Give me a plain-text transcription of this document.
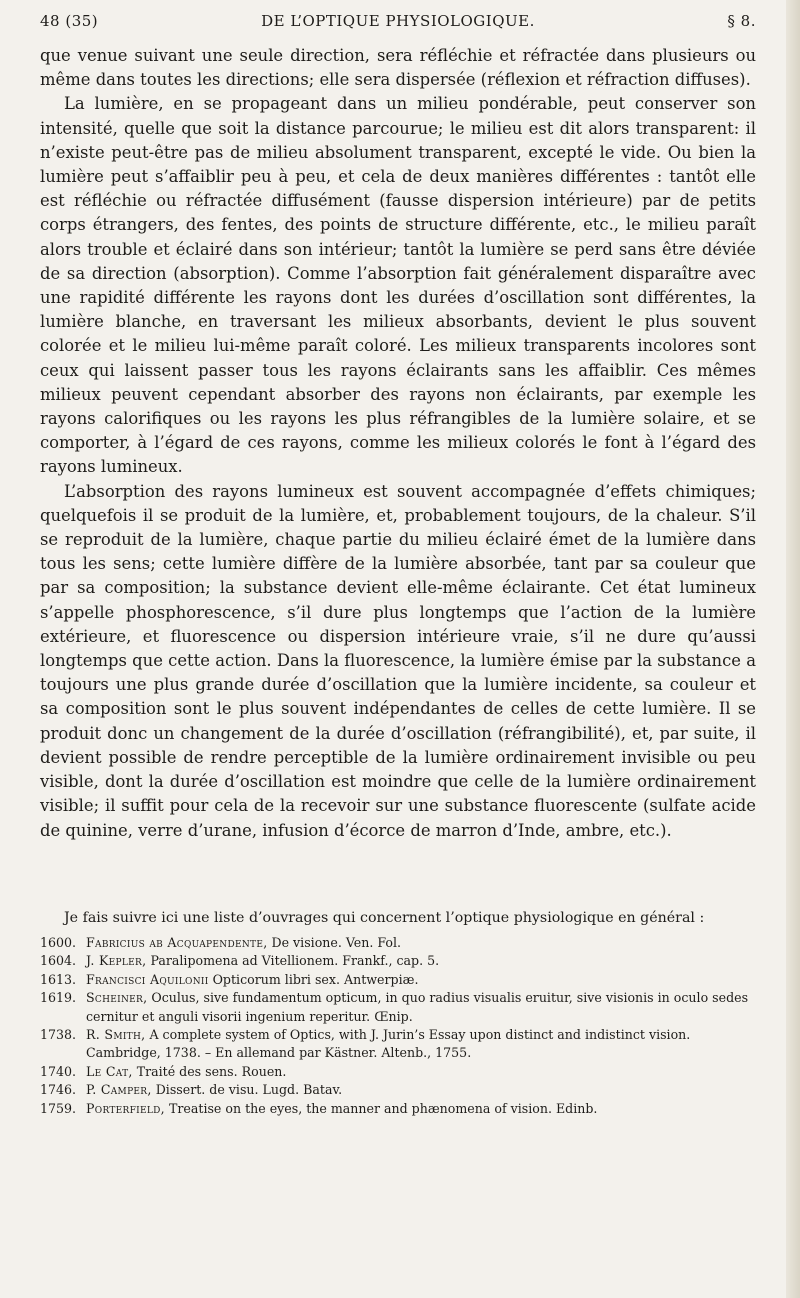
48 (35)	DE L’OPTIQUE PHYSIOLOGIQUE.	§ 8.

que venue suivant une seule direction, sera réfléchie et réfractée dans plusieurs ou même dans toutes les directions; elle sera dispersée (réflexion et réfraction diffuses).

La lumière, en se propageant dans un milieu pondérable, peut conserver son intensité, quelle que soit la distance parcourue; le milieu est dit alors transparent: il n’existe peut-être pas de milieu absolument transparent, excepté le vide. Ou bien la lumière peut s’affaiblir peu à peu, et cela de deux manières différentes : tantôt elle est réfléchie ou réfractée diffusément (fausse dispersion intérieure) par de petits corps étrangers, des fentes, des points de structure différente, etc., le milieu paraît alors trouble et éclairé dans son intérieur; tantôt la lumière se perd sans être déviée de sa direction (absorption). Comme l’absorption fait généralement disparaître avec une rapidité différente les rayons dont les durées d’oscillation sont différentes, la lumière blanche, en traversant les milieux absorbants, devient le plus souvent colorée et le milieu lui-même paraît coloré. Les milieux transparents incolores sont ceux qui laissent passer tous les rayons éclairants sans les affaiblir. Ces mêmes milieux peuvent cependant absorber des rayons non éclairants, par exemple les rayons calorifiques ou les rayons les plus réfrangibles de la lumière solaire, et se comporter, à l’égard de ces rayons, comme les milieux colorés le font à l’égard des rayons lumineux.

L’absorption des rayons lumineux est souvent accompagnée d’effets chimiques; quelquefois il se produit de la lumière, et, probablement toujours, de la chaleur. S’il se reproduit de la lumière, chaque partie du milieu éclairé émet de la lumière dans tous les sens; cette lumière diffère de la lumière absorbée, tant par sa couleur que par sa composition; la substance devient elle-même éclairante. Cet état lumineux s’appelle phosphorescence, s’il dure plus longtemps que l’action de la lumière extérieure, et fluorescence ou dispersion intérieure vraie, s’il ne dure qu’aussi longtemps que cette action. Dans la fluorescence, la lumière émise par la substance a toujours une plus grande durée d’oscillation que la lumière incidente, sa couleur et sa composition sont le plus souvent indépendantes de celles de cette lumière. Il se produit donc un changement de la durée d’oscillation (réfrangibilité), et, par suite, il devient possible de rendre perceptible de la lumière ordinairement invisible ou peu visible, dont la durée d’oscillation est moindre que celle de la lumière ordinairement visible; il suffit pour cela de la recevoir sur une substance fluorescente (sulfate acide de quinine, verre d’urane, infusion d’écorce de marron d’Inde, ambre, etc.).

Je fais suivre ici une liste d’ouvrages qui concernent l’optique physiologique en général :
1600. Fabricius ab Acquapendente, De visione. Ven. Fol.
1604. J. Kepler, Paralipomena ad Vitellionem. Frankf., cap. 5.
1613. Francisci Aquilonii Opticorum libri sex. Antwerpiæ.
1619. Scheiner, Oculus, sive fundamentum opticum, in quo radius visualis eruitur, sive visionis in oculo sedes cernitur et anguli visorii ingenium reperitur. Œnip.
1738. R. Smith, A complete system of Optics, with J. Jurin’s Essay upon distinct and indistinct vision. Cambridge, 1738. – En allemand par Kästner. Altenb., 1755.
1740. Le Cat, Traité des sens. Rouen.
1746. P. Camper, Dissert. de visu. Lugd. Batav.
1759. Porterfield, Treatise on the eyes, the manner and phænomena of vision. Edinb.
